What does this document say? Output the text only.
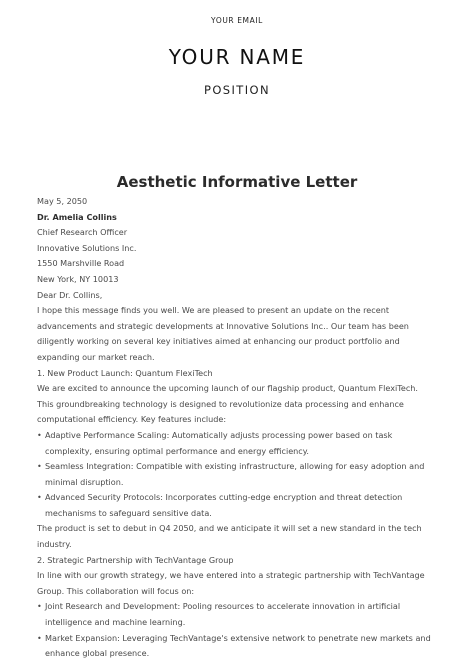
YOUR EMAIL
YOUR NAME
POSITION
Aesthetic Informative Letter
May 5, 2050
Dr. Amelia Collins
Chief Research Officer
Innovative Solutions Inc.
1550 Marshville Road
New York, NY 10013
Dear Dr. Collins,
I hope this message finds you well. We are pleased to present an update on the recent advancements and strategic developments at Innovative Solutions Inc.. Our team has been diligently working on several key initiatives aimed at enhancing our product portfolio and expanding our market reach.
1. New Product Launch: Quantum FlexiTech
We are excited to announce the upcoming launch of our flagship product, Quantum FlexiTech. This groundbreaking technology is designed to revolutionize data processing and enhance computational efficiency. Key features include:
• Adaptive Performance Scaling: Automatically adjusts processing power based on task complexity, ensuring optimal performance and energy efficiency.
• Seamless Integration: Compatible with existing infrastructure, allowing for easy adoption and minimal disruption.
• Advanced Security Protocols: Incorporates cutting-edge encryption and threat detection mechanisms to safeguard sensitive data.
The product is set to debut in Q4 2050, and we anticipate it will set a new standard in the tech industry.
2. Strategic Partnership with TechVantage Group
In line with our growth strategy, we have entered into a strategic partnership with TechVantage Group. This collaboration will focus on:
• Joint Research and Development: Pooling resources to accelerate innovation in artificial intelligence and machine learning.
• Market Expansion: Leveraging TechVantage's extensive network to penetrate new markets and enhance global presence.
